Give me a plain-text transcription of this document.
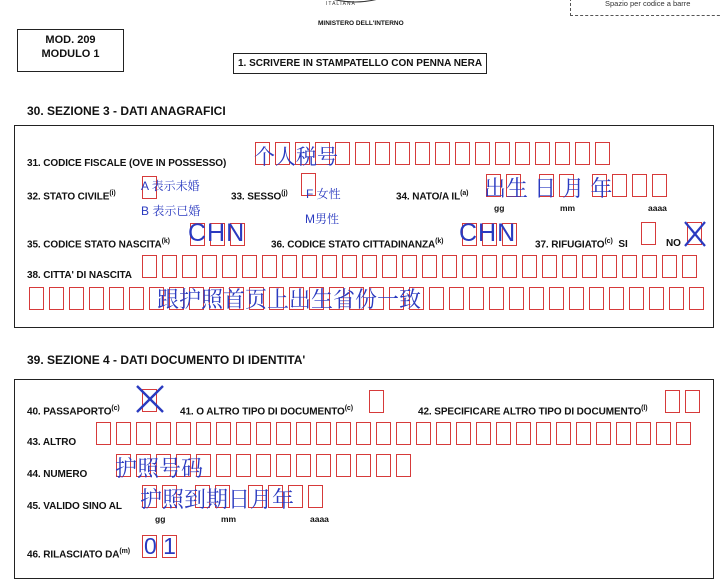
ITALIANA
MINISTERO DELL'INTERNO
Spazio per codice a barre
MOD. 209
MODULO 1
1. SCRIVERE IN STAMPATELLO CON PENNA NERA
30. SEZIONE 3 - DATI ANAGRAFICI
31. CODICE FISCALE (OVE IN POSSESSO) 个人税号
32. STATO CIVILE$^{(i)}$
A 表示未婚
B 表示已婚
33. SESSO$^{(j)}$ F 女性
M男性
34. NATO/A IL$^{(a)}$
gg	mm	aaaa
出生 日 月 年
35. CODICE STATO NASCITA$^{(k)}$ CHN	36. CODICE STATO CITTADINANZA$^{(k)}$ CHN 37. RIFUGIATO$^{(c)}$ SI	NO
38. CITTA' DI NASCITA
跟护照首页上出生省份一致
39. SEZIONE 4 - DATI DOCUMENTO DI IDENTITA'
40. PASSAPORTO$^{(c)}$	41. O ALTRO TIPO DI DOCUMENTO$^{(c)}$	42. SPECIFICARE ALTRO TIPO DI DOCUMENTO$^{(l)}$
43. ALTRO
44. NUMERO 护照号码
45. VALIDO SINO AL
gg	mm	aaaa
护照到期日月年
46. RILASCIATO DA$^{(m)}$ 0 1
